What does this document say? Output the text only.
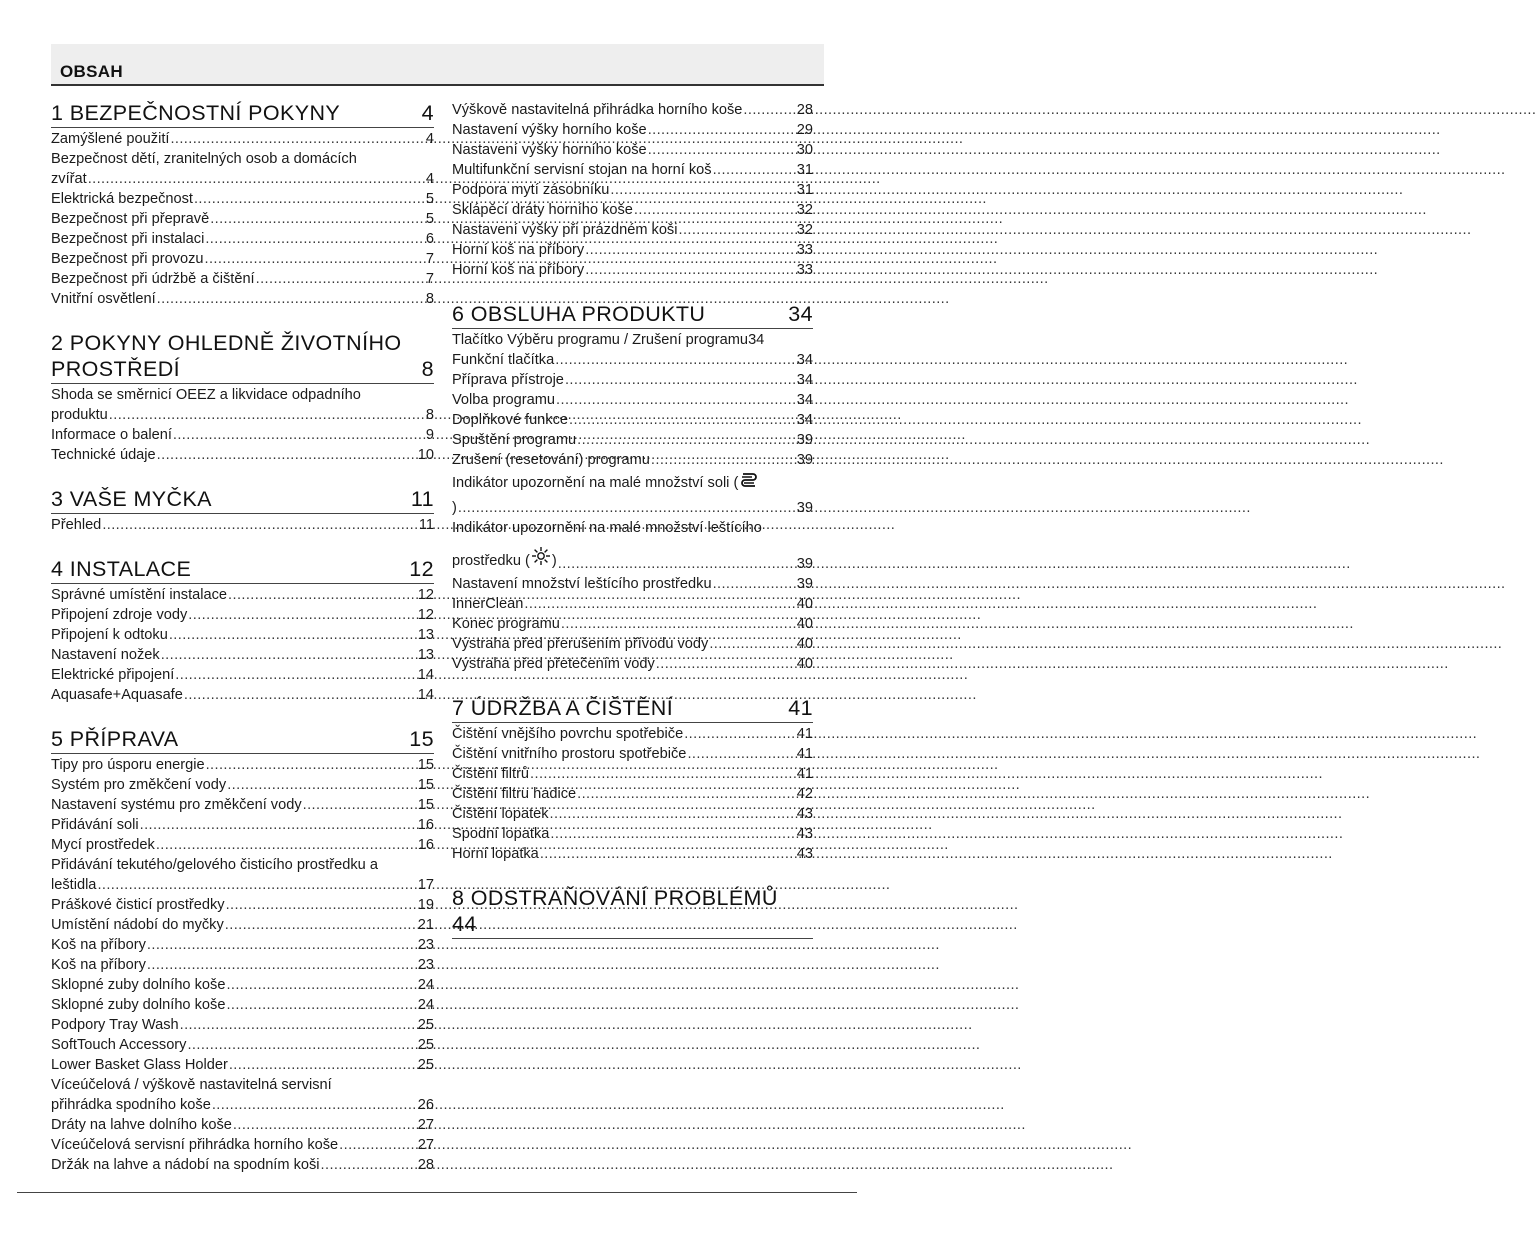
OBSAH
1 BEZPEČNOSTNÍ POKYNY	4
Zamýšlené použití .....	4
Bezpečnost dětí, zranitelných osob a domácích
zvířat .....	4
Elektrická bezpečnost .....	5
Bezpečnost při přepravě .....	5
Bezpečnost při instalaci .....	6
Bezpečnost při provozu .....	7
Bezpečnost při údržbě a čištění .....	7
Vnitřní osvětlení .....	8
2 POKYNY OHLEDNĚ ŽIVOTNÍHO
PROSTŘEDÍ	8
Shoda se směrnicí OEEZ a likvidace odpadního
produktu .....	8
Informace o balení .....	9
Technické údaje .....	10
3 VAŠE MYČKA	11
Přehled .....	11
4 INSTALACE	12
Správné umístění instalace .....	12
Připojení zdroje vody .....	12
Připojení k odtoku .....	13
Nastavení nožek .....	13
Elektrické připojení .....	14
Aquasafe+Aquasafe .....	14
5 PŘÍPRAVA	15
Tipy pro úsporu energie .....	15
Systém pro změkčení vody .....	15
Nastavení systému pro změkčení vody .....	15
Přidávání soli .....	16
Mycí prostředek .....	16
Přidávání tekutého/gelového čisticího prostředku a
leštidla .....	17
Práškové čisticí prostředky .....	19
Umístění nádobí do myčky .....	21
Koš na příbory .....	23
Koš na příbory .....	23
Sklopné zuby dolního koše .....	24
Sklopné zuby dolního koše .....	24
Podpory Tray Wash .....	25
SoftTouch Accessory .....	25
Lower Basket Glass Holder .....	25
Víceúčelová / výškově nastavitelná servisní
přihrádka spodního koše .....	26
Dráty na lahve dolního koše .....	27
Víceúčelová servisní přihrádka horního koše .....	27
Držák na lahve a nádobí na spodním koši .....	28
Výškově nastavitelná přihrádka horního koše .....	28
Nastavení výšky horního koše .....	29
Nastavení výšky horního koše .....	30
Multifunkční servisní stojan na horní koš .....	31
Podpora mytí zásobníku .....	31
Sklápěcí dráty horního koše .....	32
Nastavení výšky při prázdném koši .....	32
Horní koš na příbory .....	33
Horní koš na příbory .....	33
6 OBSLUHA PRODUKTU	34
Tlačítko Výběru programu / Zrušení programu 34
Funkční tlačítka .....	34
Příprava přístroje .....	34
Volba programu .....	34
Doplňkové funkce .....	34
Spuštění programu .....	39
Zrušení (resetování) programu .....	39
Indikátor upozornění na malé množství soli (
) .....	39
Indikátor upozornění na malé množství leštícího
prostředku ( ) .....	39
Nastavení množství leštícího prostředku .....	39
InnerClean .....	40
Konec programu .....	40
Výstraha před přerušením přívodu vody .....	40
Výstraha před přetečením vody .....	40
7 ÚDRŽBA A ČIŠTĚNÍ	41
Čištění vnějšího povrchu spotřebiče .....	41
Čištění vnitřního prostoru spotřebiče .....	41
Čištění filtrů .....	41
Čištění filtru hadice .....	42
Čištění lopatek .....	43
Spodní lopatka .....	43
Horní lopatka .....	43
8 ODSTRAŇOVÁNÍ PROBLÉMŮ
44
